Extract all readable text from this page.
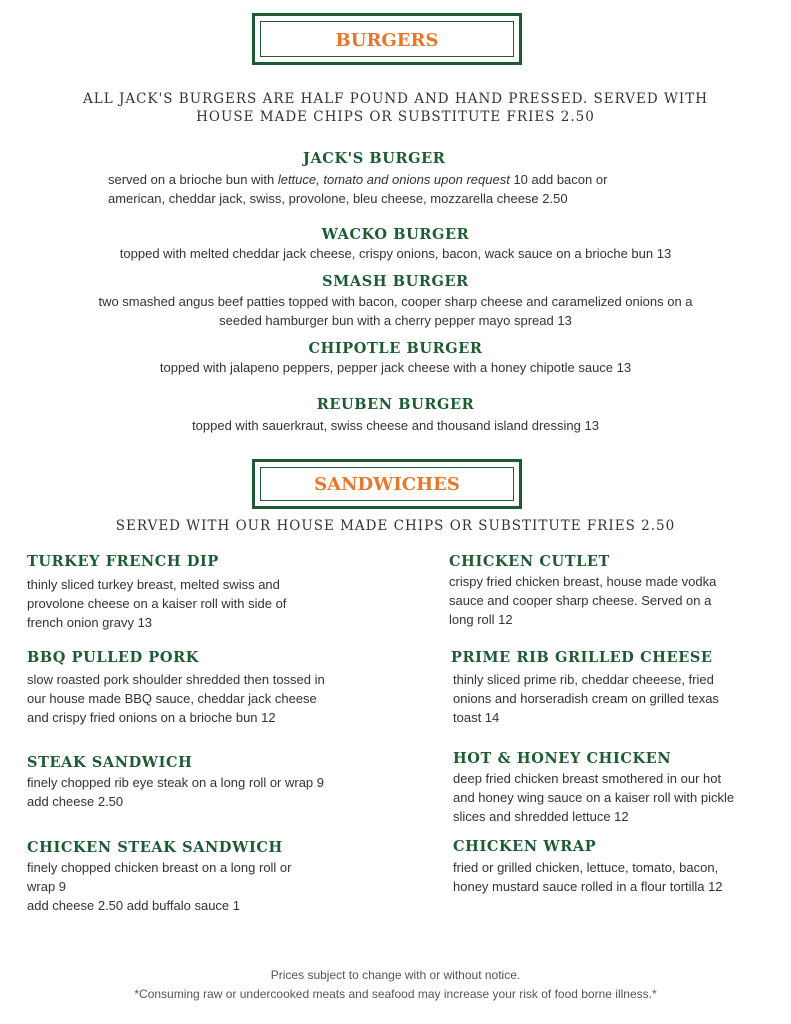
BURGERS
ALL JACK'S BURGERS ARE HALF POUND AND HAND PRESSED. SERVED WITH
HOUSE MADE CHIPS OR SUBSTITUTE FRIES 2.50
JACK'S BURGER
served on a brioche bun with lettuce, tomato and onions upon request 10 add bacon or
american, cheddar jack, swiss, provolone, bleu cheese, mozzarella cheese 2.50
WACKO BURGER
topped with melted cheddar jack cheese, crispy onions, bacon, wack sauce on a brioche bun 13
SMASH BURGER
two smashed angus beef patties topped with bacon, cooper sharp cheese and caramelized onions on a
seeded hamburger bun with a cherry pepper mayo spread 13
CHIPOTLE BURGER
topped with jalapeno peppers, pepper jack cheese with a honey chipotle sauce 13
REUBEN BURGER
topped with sauerkraut, swiss cheese and thousand island dressing 13
SANDWICHES
SERVED WITH OUR HOUSE MADE CHIPS OR SUBSTITUTE FRIES 2.50
TURKEY FRENCH DIP
thinly sliced turkey breast, melted swiss and
provolone cheese on a kaiser roll with side of
french onion gravy 13
BBQ PULLED PORK
slow roasted pork shoulder shredded then tossed in
our house made BBQ sauce, cheddar jack cheese
and crispy fried onions on a brioche bun 12
STEAK SANDWICH
finely chopped rib eye steak on a long roll or wrap 9
add cheese 2.50
CHICKEN STEAK SANDWICH
finely chopped chicken breast on a long roll or
wrap 9
add cheese 2.50 add buffalo sauce 1
CHICKEN CUTLET
crispy fried chicken breast, house made vodka
sauce and cooper sharp cheese. Served on a
long roll 12
PRIME RIB GRILLED CHEESE
thinly sliced prime rib, cheddar cheeese, fried
onions and horseradish cream on grilled texas
toast 14
HOT & HONEY CHICKEN
deep fried chicken breast smothered in our hot
and honey wing sauce on a kaiser roll with pickle
slices and shredded lettuce 12
CHICKEN WRAP
fried or grilled chicken, lettuce, tomato, bacon,
honey mustard sauce rolled in a flour tortilla 12
Prices subject to change with or without notice.
*Consuming raw or undercooked meats and seafood may increase your risk of food borne illness.*
